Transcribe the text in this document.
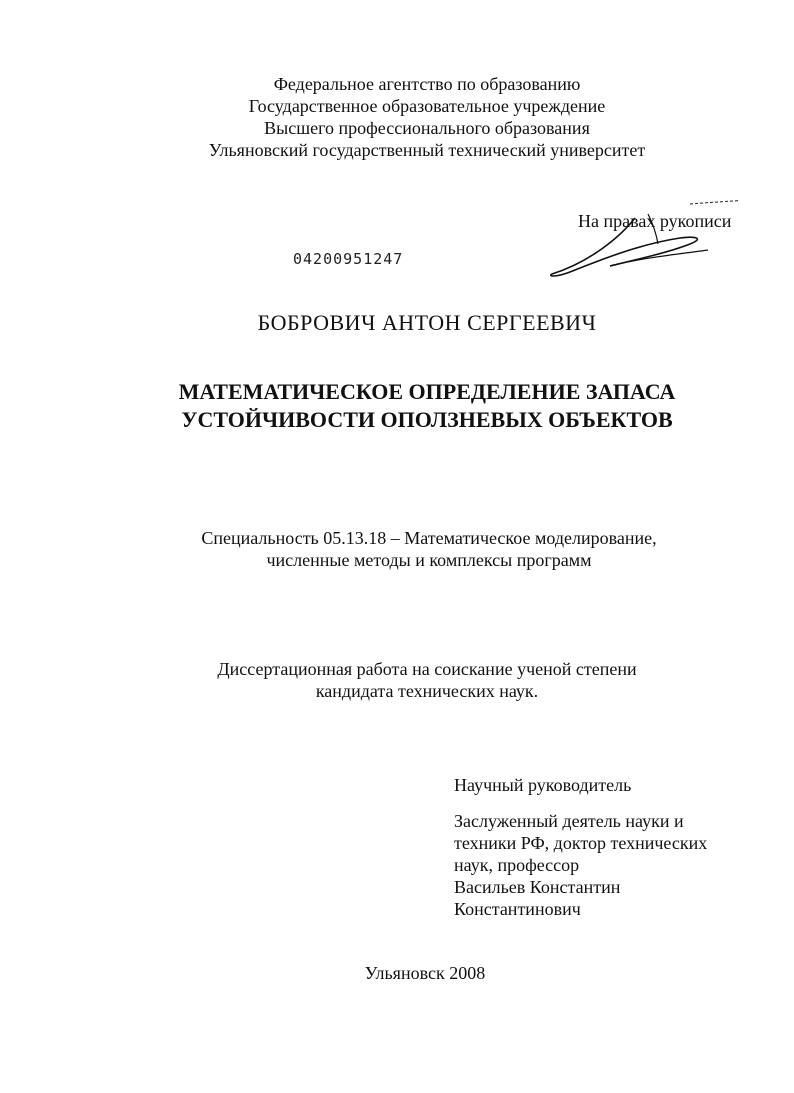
Федеральное агентство по образованию

Государственное образовательное учреждение

Высшего профессионального образования

Ульяновский государственный технический университет

На правах рукописи
04200951247
БОБРОВИЧ АНТОН СЕРГЕЕВИЧ

МАТЕМАТИЧЕСКОЕ ОПРЕДЕЛЕНИЕ ЗАПАСА

УСТОЙЧИВОСТИ ОПОЛЗНЕВЫХ ОБЪЕКТОВ

Специальность 05.13.18 – Математическое моделирование,

численные методы и комплексы программ

Диссертационная работа на соискание ученой степени

кандидата технических наук.

Научный руководитель

Заслуженный деятель науки и

техники РФ, доктор технических

наук, профессор

Васильев Константин

Константинович

Ульяновск 2008
